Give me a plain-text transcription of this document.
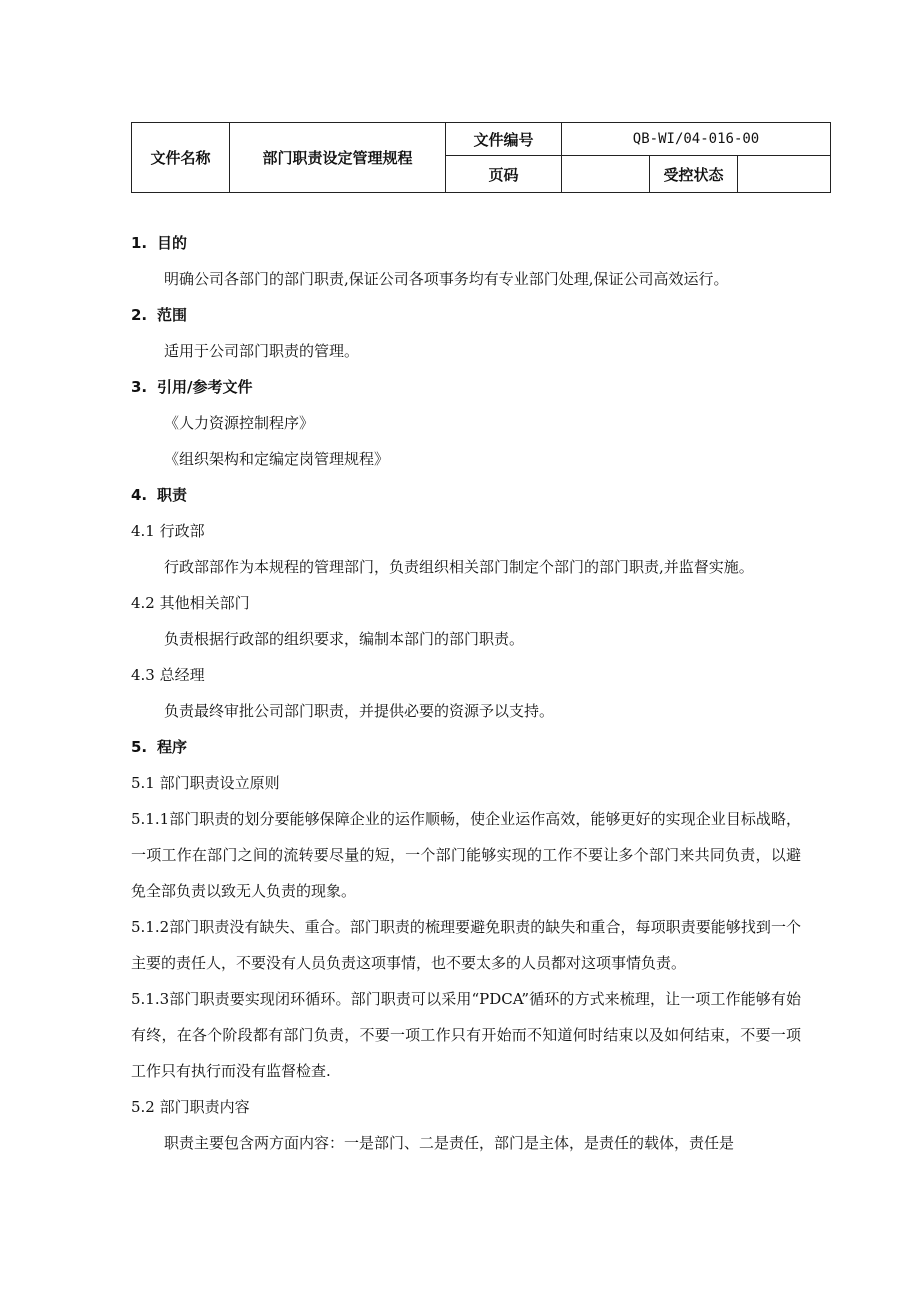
文件名称	部门职责设定管理规程	文件编号	QB-WI/04-016-00		
		页码		受控状态	
1. 目的
明确公司各部门的部门职责,保证公司各项事务均有专业部门处理,保证公司高效运行。
2. 范围
适用于公司部门职责的管理。
3. 引用/参考文件
《人力资源控制程序》
《组织架构和定编定岗管理规程》
4. 职责
4.1 行政部
行政部部作为本规程的管理部门，负责组织相关部门制定个部门的部门职责,并监督实施。
4.2 其他相关部门
负责根据行政部的组织要求，编制本部门的部门职责。
4.3 总经理
负责最终审批公司部门职责，并提供必要的资源予以支持。
5. 程序
5.1 部门职责设立原则
5.1.1部门职责的划分要能够保障企业的运作顺畅，使企业运作高效，能够更好的实现企业目标战略，一项工作在部门之间的流转要尽量的短，一个部门能够实现的工作不要让多个部门来共同负责，以避免全部负责以致无人负责的现象。
5.1.2部门职责没有缺失、重合。部门职责的梳理要避免职责的缺失和重合，每项职责要能够找到一个主要的责任人，不要没有人员负责这项事情，也不要太多的人员都对这项事情负责。
5.1.3部门职责要实现闭环循环。部门职责可以采用“PDCA”循环的方式来梳理，让一项工作能够有始有终，在各个阶段都有部门负责，不要一项工作只有开始而不知道何时结束以及如何结束，不要一项工作只有执行而没有监督检查.
5.2 部门职责内容
职责主要包含两方面内容：一是部门、二是责任，部门是主体，是责任的载体，责任是
